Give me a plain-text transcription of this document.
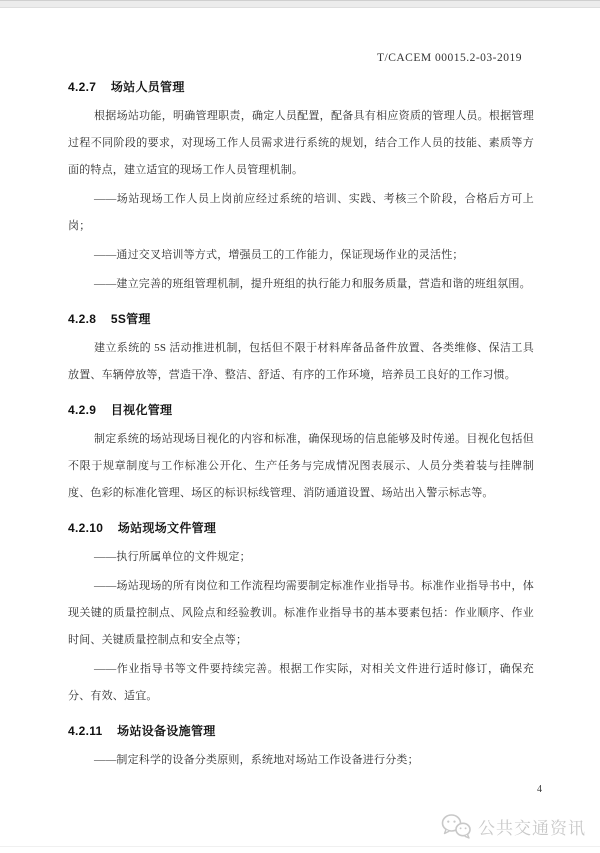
T/CACEM 00015.2-03-2019
4.2.7 场站人员管理

根据场站功能，明确管理职责，确定人员配置，配备具有相应资质的管理人员。根据管理过程不同阶段的要求，对现场工作人员需求进行系统的规划，结合工作人员的技能、素质等方面的特点，建立适宜的现场工作人员管理机制。

——场站现场工作人员上岗前应经过系统的培训、实践、考核三个阶段，合格后方可上岗；

——通过交叉培训等方式，增强员工的工作能力，保证现场作业的灵活性；

——建立完善的班组管理机制，提升班组的执行能力和服务质量，营造和谐的班组氛围。

4.2.8 5S管理

建立系统的 5S 活动推进机制，包括但不限于材料库备品备件放置、各类维修、保洁工具放置、车辆停放等，营造干净、整洁、舒适、有序的工作环境，培养员工良好的工作习惯。

4.2.9 目视化管理

制定系统的场站现场目视化的内容和标准，确保现场的信息能够及时传递。目视化包括但不限于规章制度与工作标准公开化、生产任务与完成情况图表展示、人员分类着装与挂牌制度、色彩的标准化管理、场区的标识标线管理、消防通道设置、场站出入警示标志等。

4.2.10 场站现场文件管理

——执行所属单位的文件规定；

——场站现场的所有岗位和工作流程均需要制定标准作业指导书。标准作业指导书中，体现关键的质量控制点、风险点和经验教训。标准作业指导书的基本要素包括：作业顺序、作业时间、关键质量控制点和安全点等；

——作业指导书等文件要持续完善。根据工作实际，对相关文件进行适时修订，确保充分、有效、适宜。

4.2.11 场站设备设施管理

——制定科学的设备分类原则，系统地对场站工作设备进行分类；

4
公共交通资讯
